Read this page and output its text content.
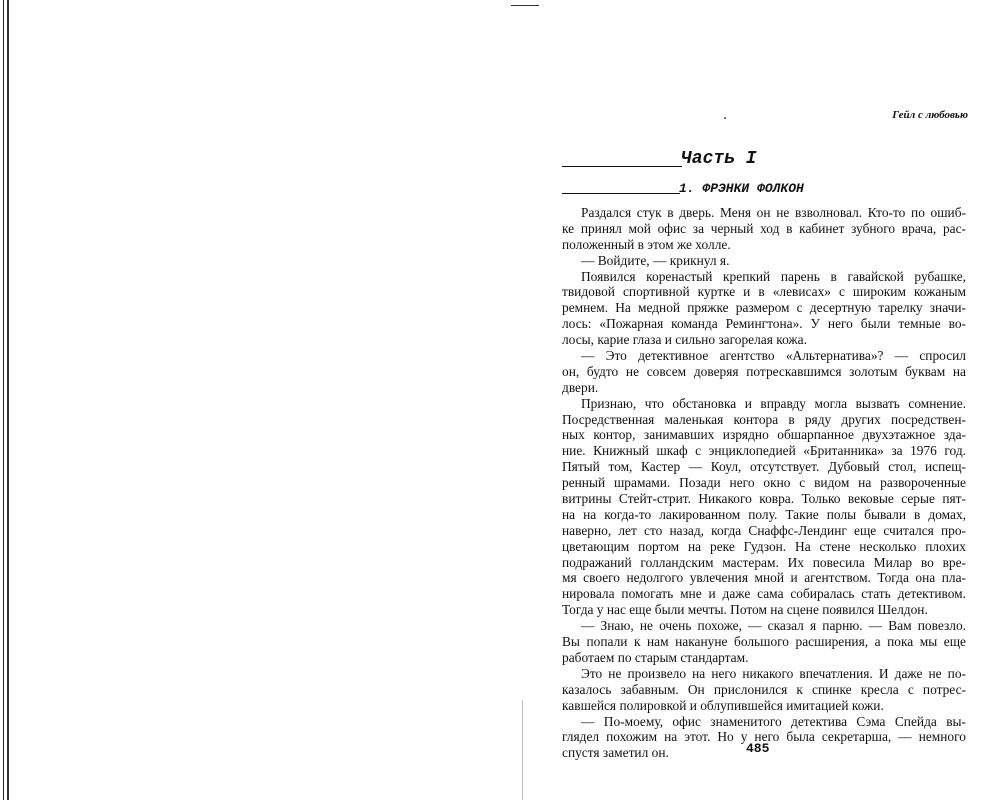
Гейл с любовью
Часть I
1. ФРЭНКИ ФОЛКОН
Раздался стук в дверь. Меня он не взволновал. Кто-то по ошиб-
ке принял мой офис за черный ход в кабинет зубного врача, рас-
положенный в этом же холле.
— Войдите, — крикнул я.
Появился коренастый крепкий парень в гавайской рубашке,
твидовой спортивной куртке и в «левисах» с широким кожаным
ремнем. На медной пряжке размером с десертную тарелку значи-
лось: «Пожарная команда Ремингтона». У него были темные во-
лосы, карие глаза и сильно загорелая кожа.
— Это детективное агентство «Альтернатива»? — спросил
он, будто не совсем доверяя потрескавшимся золотым буквам на
двери.
Признаю, что обстановка и вправду могла вызвать сомнение.
Посредственная маленькая контора в ряду других посредствен-
ных контор, занимавших изрядно обшарпанное двухэтажное зда-
ние. Книжный шкаф с энциклопедией «Британника» за 1976 год.
Пятый том, Кастер — Коул, отсутствует. Дубовый стол, испещ-
ренный шрамами. Позади него окно с видом на развороченные
витрины Стейт-стрит. Никакого ковра. Только вековые серые пят-
на на когда-то лакированном полу. Такие полы бывали в домах,
наверно, лет сто назад, когда Снаффс-Лендинг еще считался про-
цветающим портом на реке Гудзон. На стене несколько плохих
подражаний голландским мастерам. Их повесила Милар во вре-
мя своего недолгого увлечения мной и агентством. Тогда она пла-
нировала помогать мне и даже сама собиралась стать детективом.
Тогда у нас еще были мечты. Потом на сцене появился Шелдон.
— Знаю, не очень похоже, — сказал я парню. — Вам повезло.
Вы попали к нам накануне большого расширения, а пока мы еще
работаем по старым стандартам.
Это не произвело на него никакого впечатления. И даже не по-
казалось забавным. Он прислонился к спинке кресла с потрес-
кавшейся полировкой и облупившейся имитацией кожи.
— По-моему, офис знаменитого детектива Сэма Спейда вы-
глядел похожим на этот. Но у него была секретарша, — немного
спустя заметил он.	485
